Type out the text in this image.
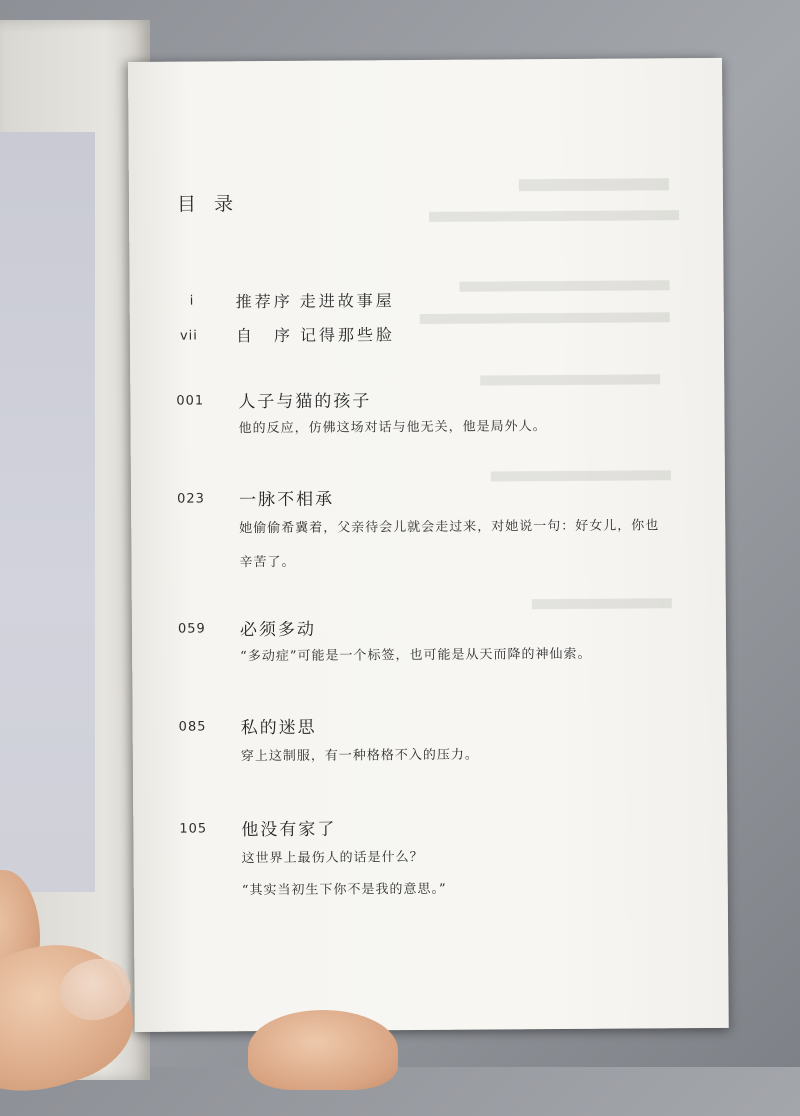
目 录
i	推荐序 走进故事屋
vii 自　序 记得那些脸
001 人子与猫的孩子
他的反应，仿佛这场对话与他无关，他是局外人。
023 一脉不相承
她偷偷希冀着，父亲待会儿就会走过来，对她说一句：好女儿，你也
辛苦了。
059 必须多动
“多动症”可能是一个标签，也可能是从天而降的神仙索。
085 私的迷思
穿上这制服，有一种格格不入的压力。
105 他没有家了
这世界上最伤人的话是什么？
“其实当初生下你不是我的意思。”
